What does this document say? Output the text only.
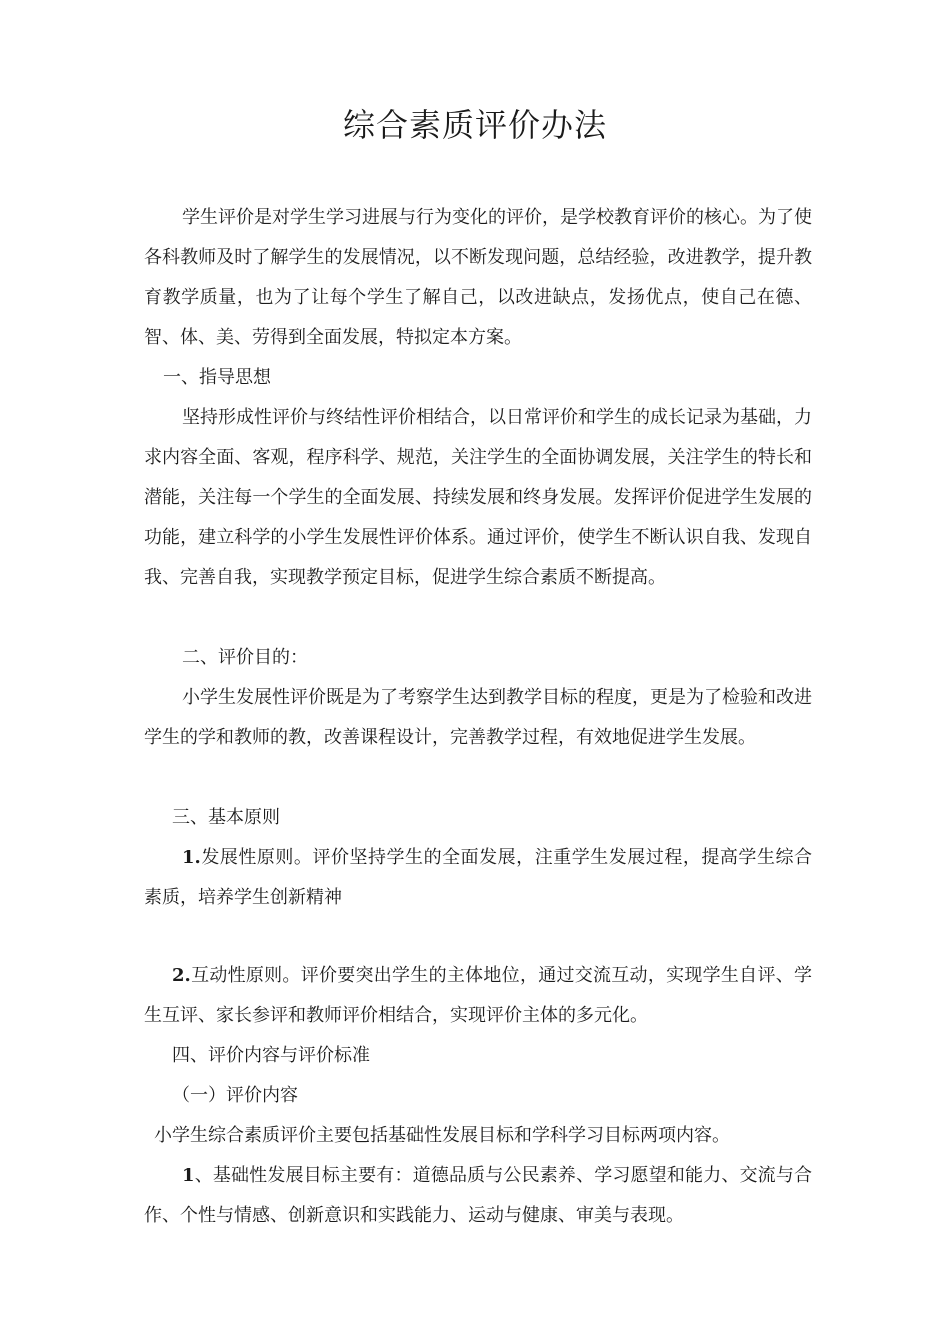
综合素质评价办法

学生评价是对学生学习进展与行为变化的评价，是学校教育评价的核心。为了使各科教师及时了解学生的发展情况，以不断发现问题，总结经验，改进教学，提升教育教学质量，也为了让每个学生了解自己，以改进缺点，发扬优点，使自己在德、智、体、美、劳得到全面发展，特拟定本方案。

一、指导思想

坚持形成性评价与终结性评价相结合，以日常评价和学生的成长记录为基础，力求内容全面、客观，程序科学、规范，关注学生的全面协调发展，关注学生的特长和潜能，关注每一个学生的全面发展、持续发展和终身发展。发挥评价促进学生发展的功能，建立科学的小学生发展性评价体系。通过评价，使学生不断认识自我、发现自我、完善自我，实现教学预定目标，促进学生综合素质不断提高。

二、评价目的：

小学生发展性评价既是为了考察学生达到教学目标的程度，更是为了检验和改进学生的学和教师的教，改善课程设计，完善教学过程，有效地促进学生发展。

三、基本原则

1.发展性原则。评价坚持学生的全面发展，注重学生发展过程，提高学生综合素质，培养学生创新精神

2.互动性原则。评价要突出学生的主体地位，通过交流互动，实现学生自评、学生互评、家长参评和教师评价相结合，实现评价主体的多元化。

四、评价内容与评价标准

（一）评价内容

小学生综合素质评价主要包括基础性发展目标和学科学习目标两项内容。

1、基础性发展目标主要有：道德品质与公民素养、学习愿望和能力、交流与合作、个性与情感、创新意识和实践能力、运动与健康、审美与表现。
